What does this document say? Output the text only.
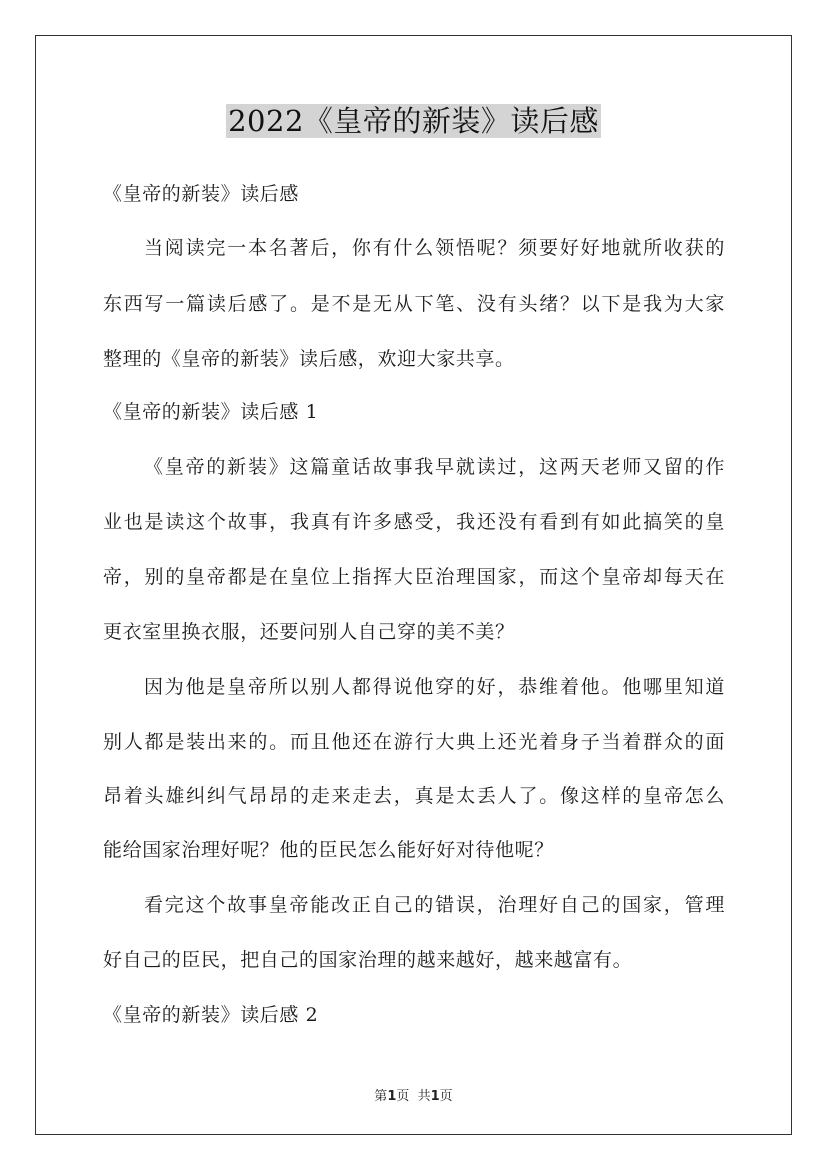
2022《皇帝的新装》读后感
《皇帝的新装》读后感
当阅读完一本名著后，你有什么领悟呢？须要好好地就所收获的
东西写一篇读后感了。是不是无从下笔、没有头绪？以下是我为大家
整理的《皇帝的新装》读后感，欢迎大家共享。
《皇帝的新装》读后感 1
《皇帝的新装》这篇童话故事我早就读过，这两天老师又留的作
业也是读这个故事，我真有许多感受，我还没有看到有如此搞笑的皇
帝，别的皇帝都是在皇位上指挥大臣治理国家，而这个皇帝却每天在
更衣室里换衣服，还要问别人自己穿的美不美？
因为他是皇帝所以别人都得说他穿的好，恭维着他。他哪里知道
别人都是装出来的。而且他还在游行大典上还光着身子当着群众的面
昂着头雄纠纠气昂昂的走来走去，真是太丢人了。像这样的皇帝怎么
能给国家治理好呢？他的臣民怎么能好好对待他呢？
看完这个故事皇帝能改正自己的错误，治理好自己的国家，管理
好自己的臣民，把自己的国家治理的越来越好，越来越富有。
《皇帝的新装》读后感 2
第1页  共1页
